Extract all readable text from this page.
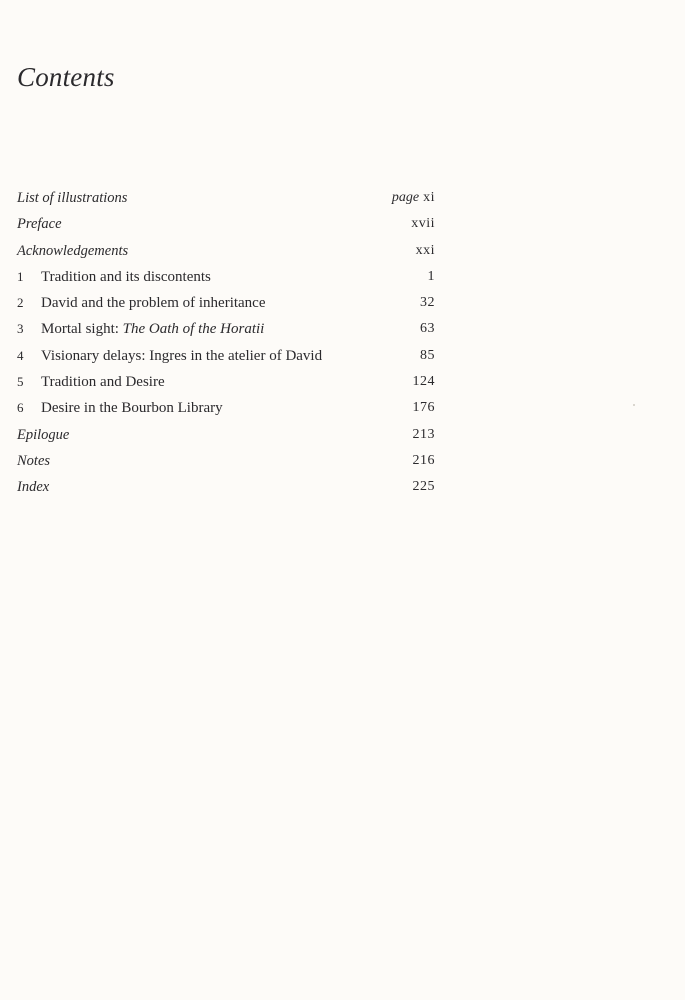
Contents
List of illustrations	page xi
Preface	xvii
Acknowledgements	xxi
1 Tradition and its discontents	1
2 David and the problem of inheritance	32
3 Mortal sight: The Oath of the Horatii	63
4 Visionary delays: Ingres in the atelier of David	85
5 Tradition and Desire	124
6 Desire in the Bourbon Library	176
Epilogue	213
Notes	216
Index	225
